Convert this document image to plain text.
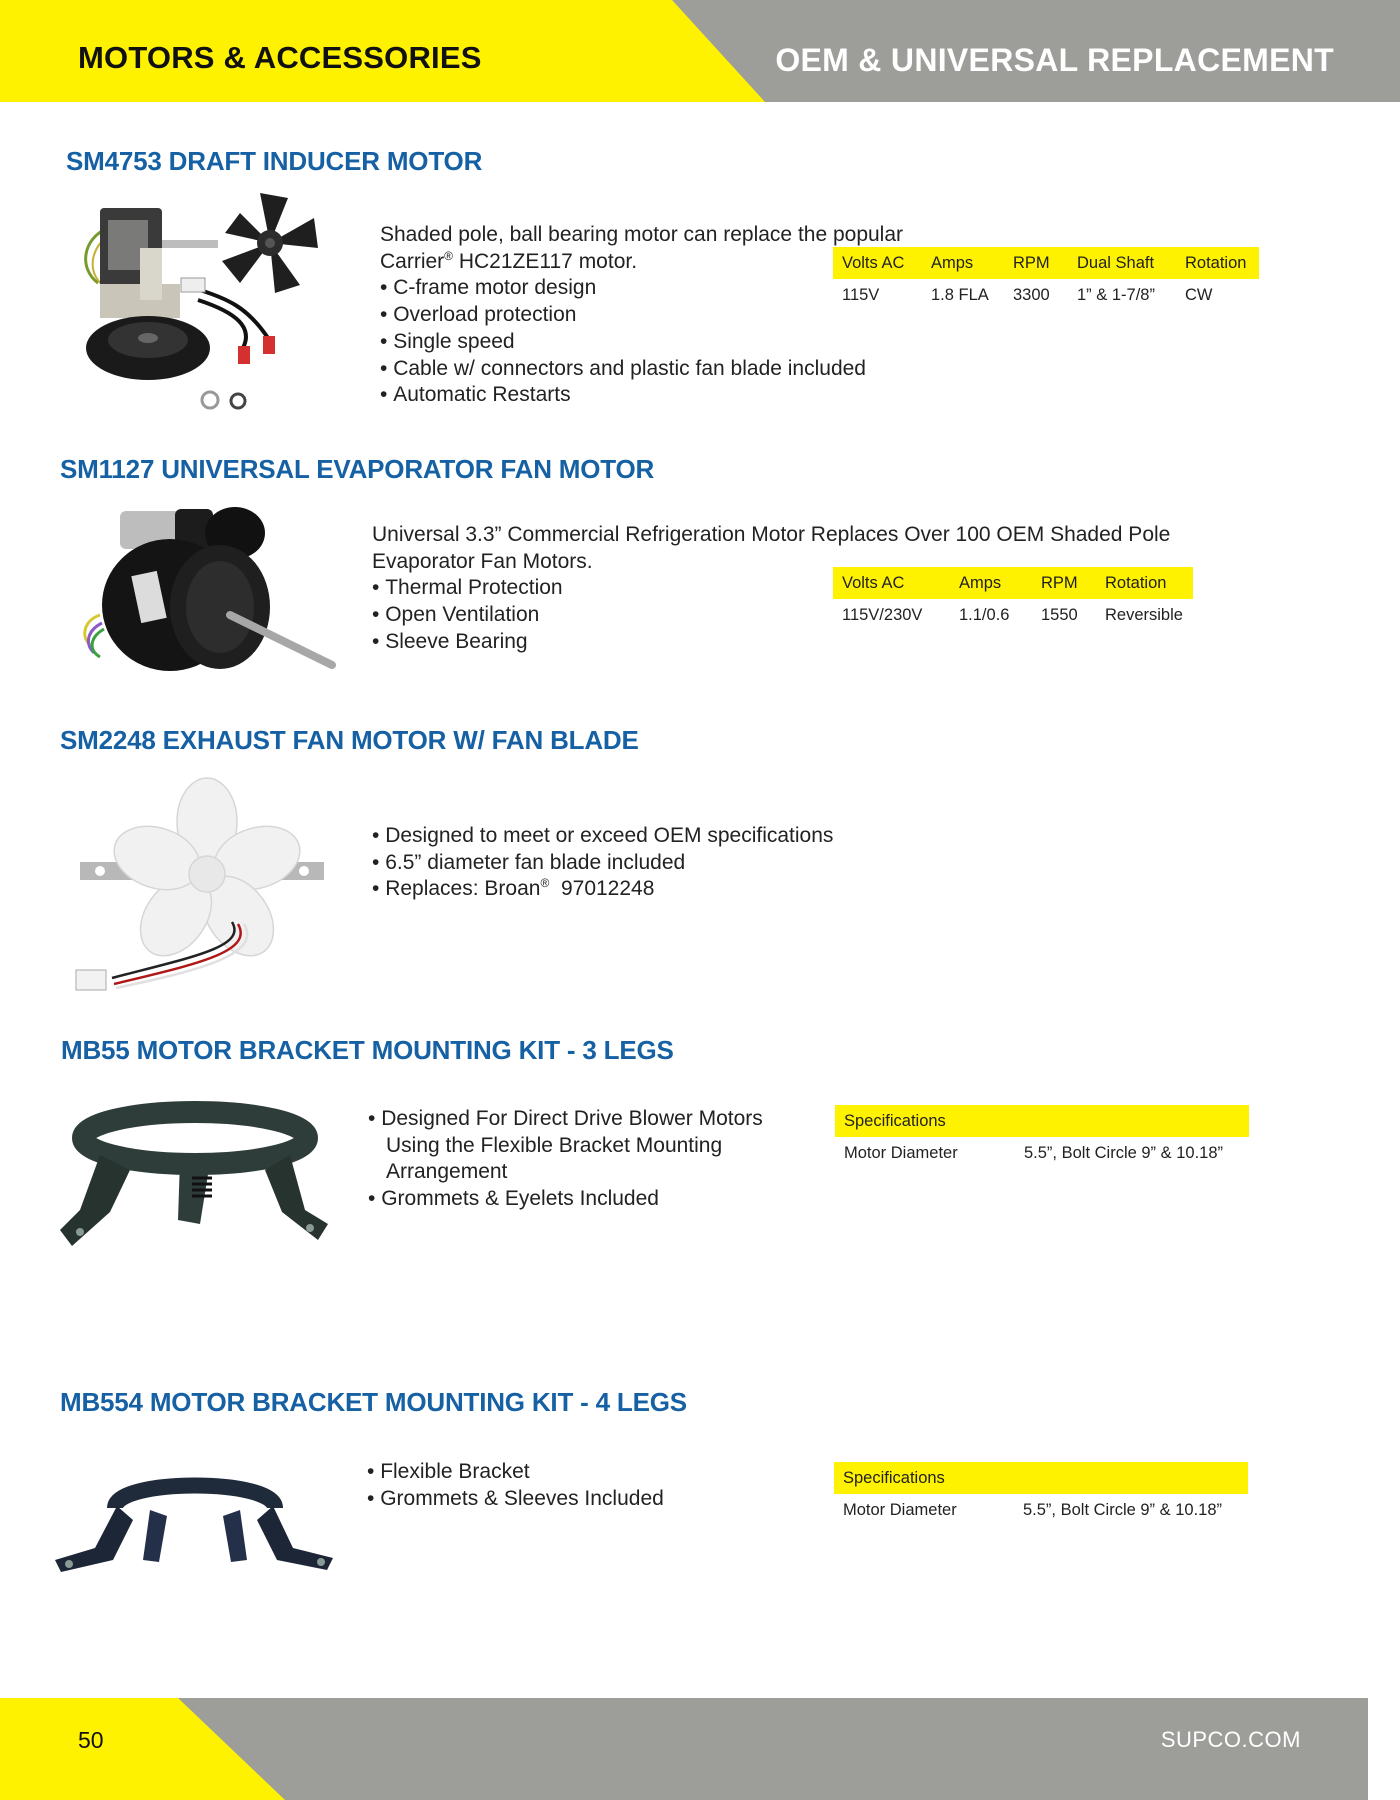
MOTORS & ACCESSORIES	OEM & UNIVERSAL REPLACEMENT
SM4753 DRAFT INDUCER MOTOR

Shaded pole, ball bearing motor can replace the popular Carrier® HC21ZE117 motor.

• C-frame motor design
• Overload protection
• Single speed
• Cable w/ connectors and plastic fan blade included
• Automatic Restarts
Volts AC	Amps	RPM	Dual Shaft	Rotation
115V	1.8 FLA	3300	1” & 1-7/8”	CW
SM1127 UNIVERSAL EVAPORATOR FAN MOTOR

Universal 3.3” Commercial Refrigeration Motor Replaces Over 100 OEM Shaded Pole Evaporator Fan Motors.

• Thermal Protection
• Open Ventilation
• Sleeve Bearing
Volts AC	Amps	RPM	Rotation
115V/230V	1.1/0.6	1550	Reversible
SM2248 EXHAUST FAN MOTOR W/ FAN BLADE
• Designed to meet or exceed OEM specifications
• 6.5” diameter fan blade included
• Replaces: Broan®  97012248
MB55 MOTOR BRACKET MOUNTING KIT - 3 LEGS
• Designed For Direct Drive Blower Motors Using the Flexible Bracket Mounting Arrangement
• Grommets & Eyelets Included
Specifications
Motor Diameter	5.5”, Bolt Circle 9” & 10.18”
MB554 MOTOR BRACKET MOUNTING KIT - 4 LEGS
• Flexible Bracket
• Grommets & Sleeves Included
Specifications
Motor Diameter	5.5”, Bolt Circle 9” & 10.18”
50	SUPCO.COM
